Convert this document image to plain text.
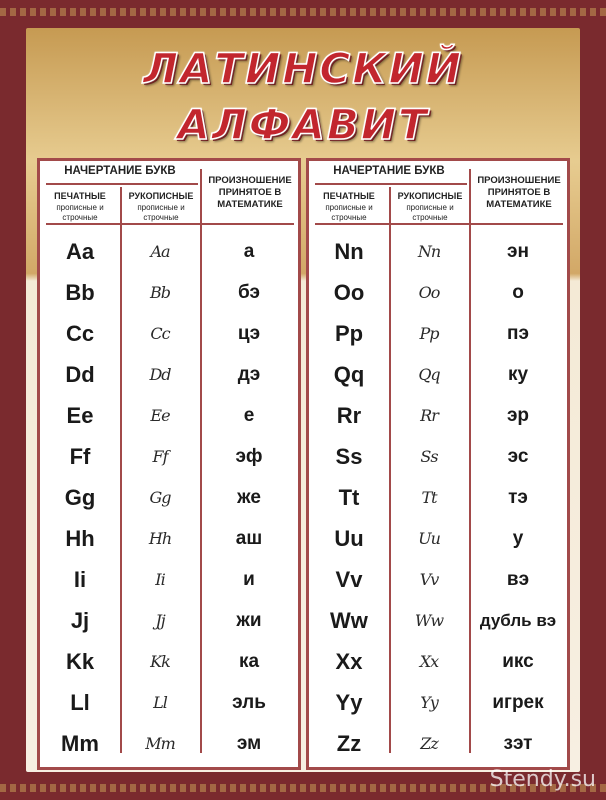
ЛАТИНСКИЙ
АЛФАВИТ
НАЧЕРТАНИЕ БУКВ
ПРОИЗНОШЕНИЕ ПРИНЯТОЕ В МАТЕМАТИКЕ
ПЕЧАТНЫЕ
прописные и строчные
РУКОПИСНЫЕ
прописные и строчные
Aa	Aa	а
Bb	Bb	бэ
Cc	Cc	цэ
Dd	Dd	дэ
Ee	Ee	е
Ff	Ff	эф
Gg	Gg	же
Hh	Hh	аш
Ii	Ii	и
Jj	Jj	жи
Kk	Kk	ка
Ll	Ll	эль
Mm	Mm	эм
НАЧЕРТАНИЕ БУКВ
ПРОИЗНОШЕНИЕ ПРИНЯТОЕ В МАТЕМАТИКЕ
ПЕЧАТНЫЕ
прописные и строчные
РУКОПИСНЫЕ
прописные и строчные
Nn	Nn	эн
Oo	Oo	о
Pp	Pp	пэ
Qq	Qq	ку
Rr	Rr	эр
Ss	Ss	эс
Tt	Tt	тэ
Uu	Uu	у
Vv	Vv	вэ
Ww	Ww	дубль вэ
Xx	Xx	икс
Yy	Yy	игрек
Zz	Zz	зэт
Stendy.su
